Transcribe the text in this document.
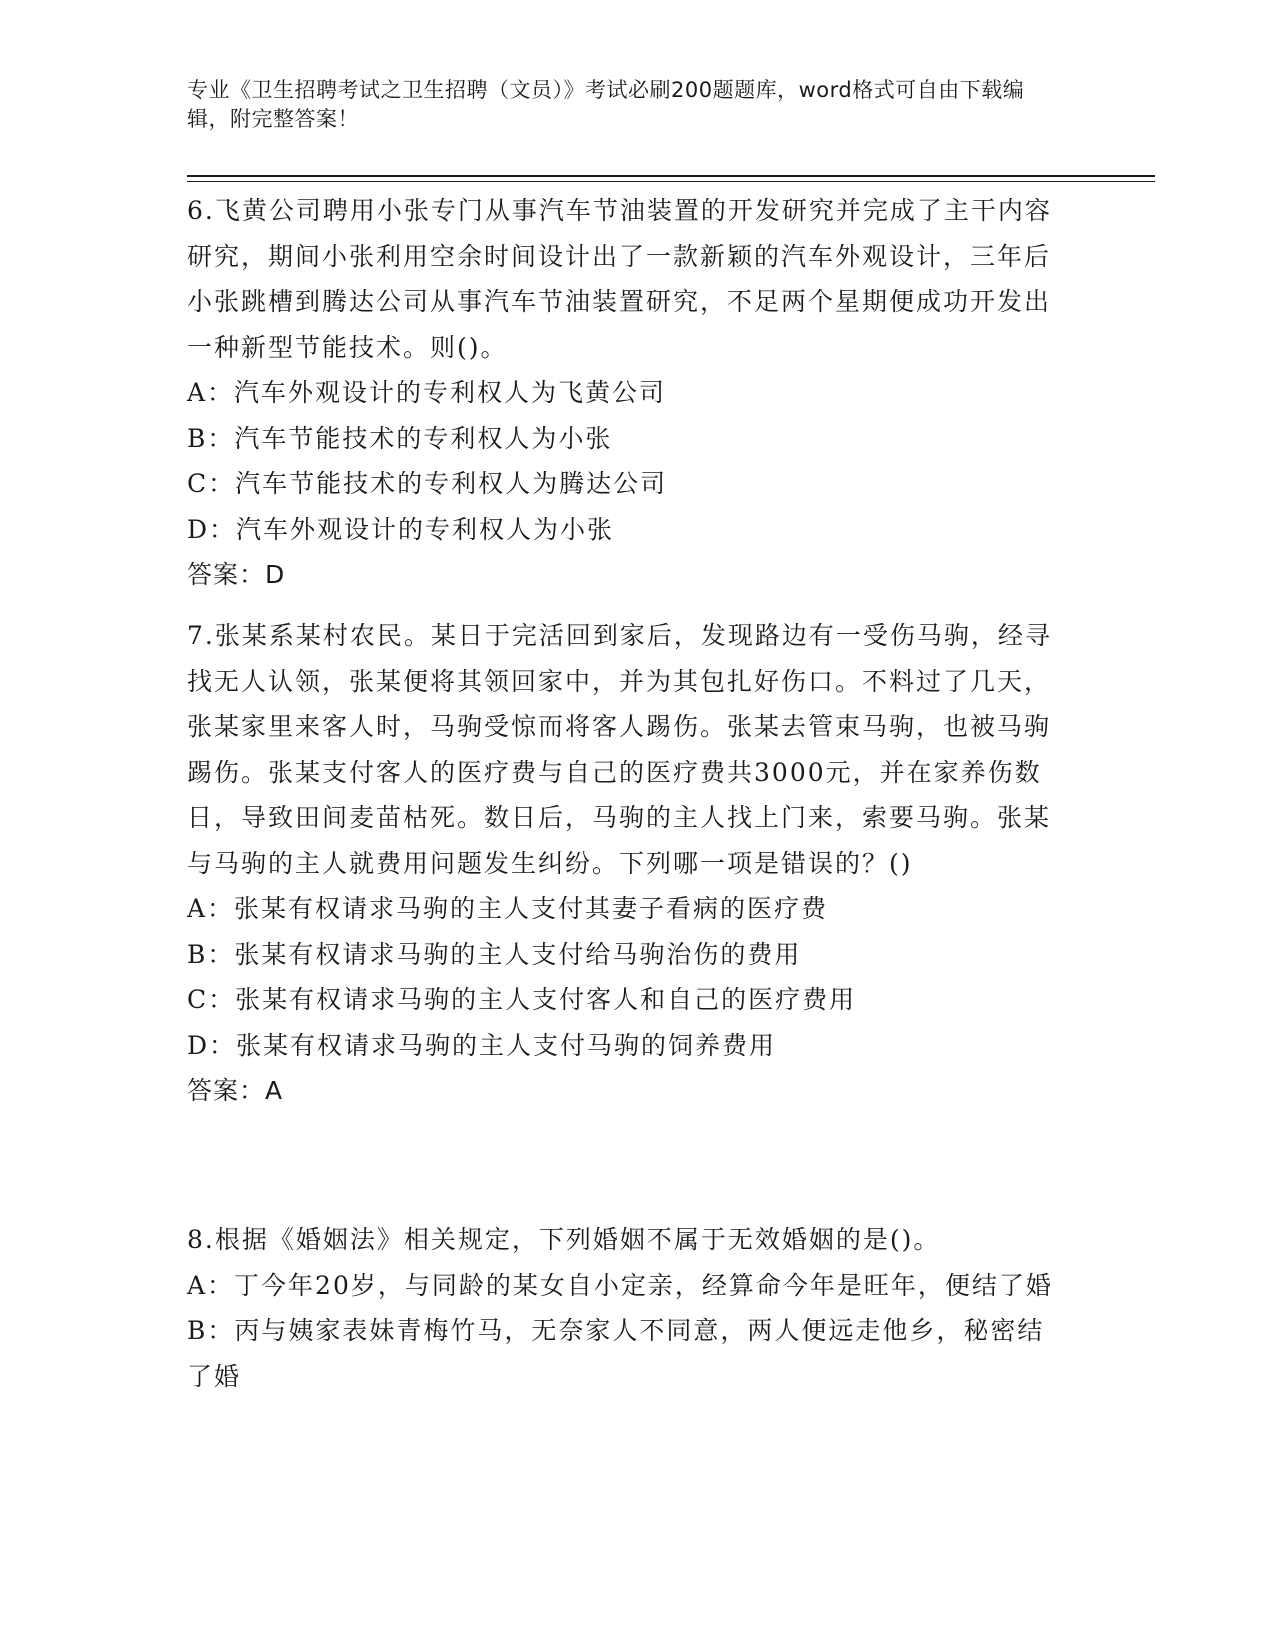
专业《卫生招聘考试之卫生招聘（文员）》考试必刷200题题库，word格式可自由下载编辑，附完整答案！

6.飞黄公司聘用小张专门从事汽车节油装置的开发研究并完成了主干内容研究，期间小张利用空余时间设计出了一款新颖的汽车外观设计，三年后小张跳槽到腾达公司从事汽车节油装置研究，不足两个星期便成功开发出一种新型节能技术。则()。

A：汽车外观设计的专利权人为飞黄公司

B：汽车节能技术的专利权人为小张

C：汽车节能技术的专利权人为腾达公司

D：汽车外观设计的专利权人为小张

答案：D

7.张某系某村农民。某日于完活回到家后，发现路边有一受伤马驹，经寻找无人认领，张某便将其领回家中，并为其包扎好伤口。不料过了几天，张某家里来客人时，马驹受惊而将客人踢伤。张某去管束马驹，也被马驹踢伤。张某支付客人的医疗费与自己的医疗费共3000元，并在家养伤数日，导致田间麦苗枯死。数日后，马驹的主人找上门来，索要马驹。张某与马驹的主人就费用问题发生纠纷。下列哪一项是错误的？()

A：张某有权请求马驹的主人支付其妻子看病的医疗费

B：张某有权请求马驹的主人支付给马驹治伤的费用

C：张某有权请求马驹的主人支付客人和自己的医疗费用

D：张某有权请求马驹的主人支付马驹的饲养费用

答案：A

8.根据《婚姻法》相关规定，下列婚姻不属于无效婚姻的是()。

A：丁今年20岁，与同龄的某女自小定亲，经算命今年是旺年，便结了婚

B：丙与姨家表妹青梅竹马，无奈家人不同意，两人便远走他乡，秘密结了婚
